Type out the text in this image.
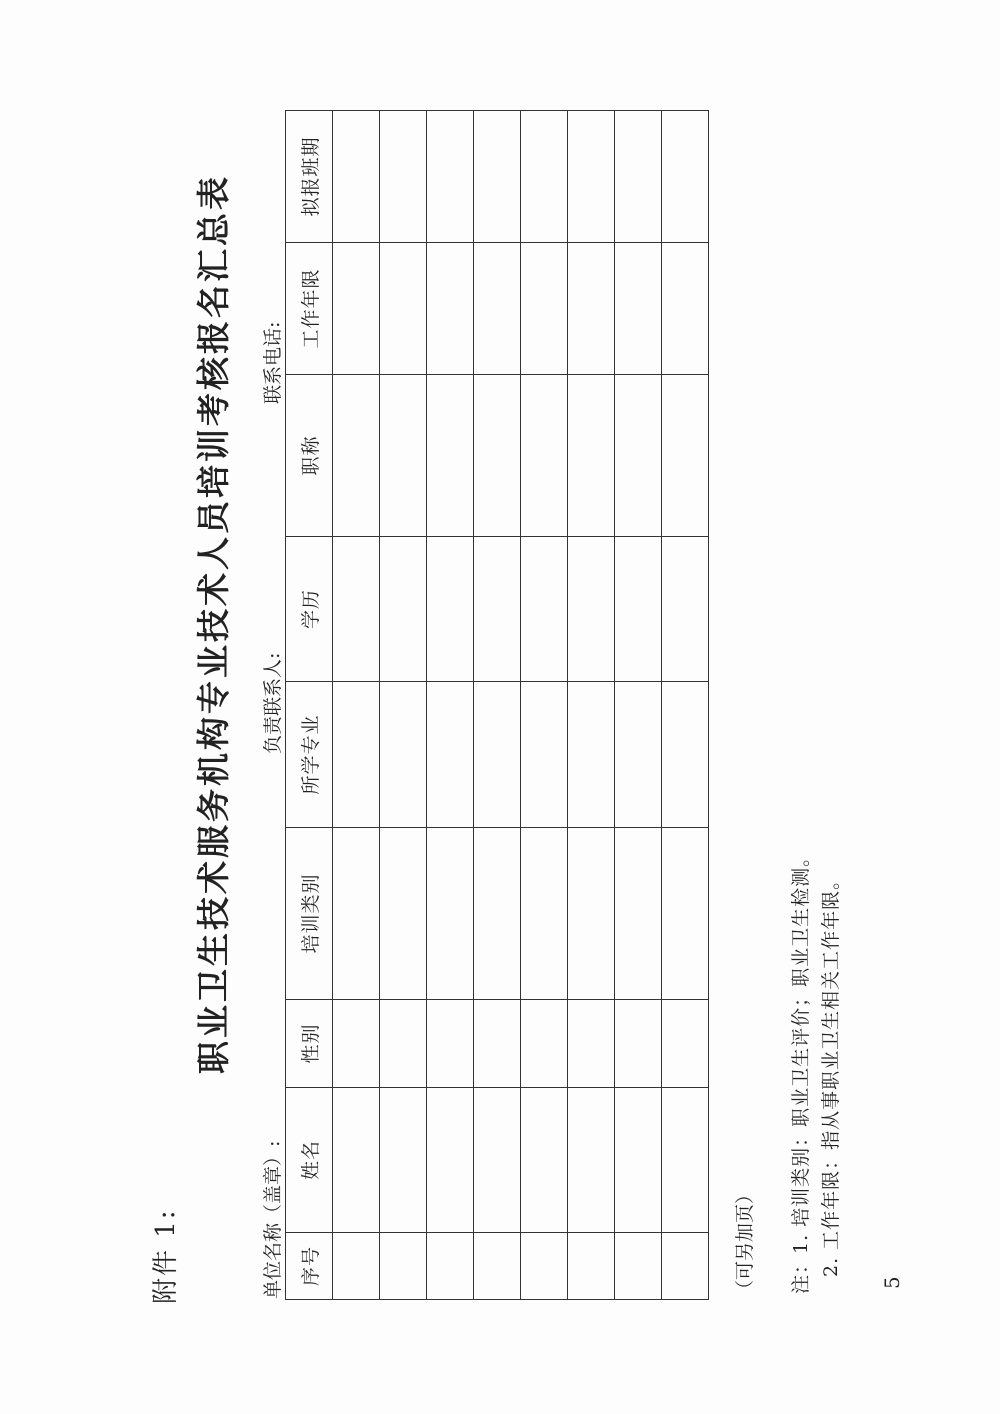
附件 1:
职业卫生技术服务机构专业技术人员培训考核报名汇总表
单位名称（盖章）:
负责联系人:
联系电话:
序号	姓名	性别	培训类别	所学专业	学历	职称	工作年限	拟报班期

（可另加页） 注：1. 培训类别：职业卫生评价；职业卫生检测。 2. 工作年限：指从事职业卫生相关工作年限。
5
